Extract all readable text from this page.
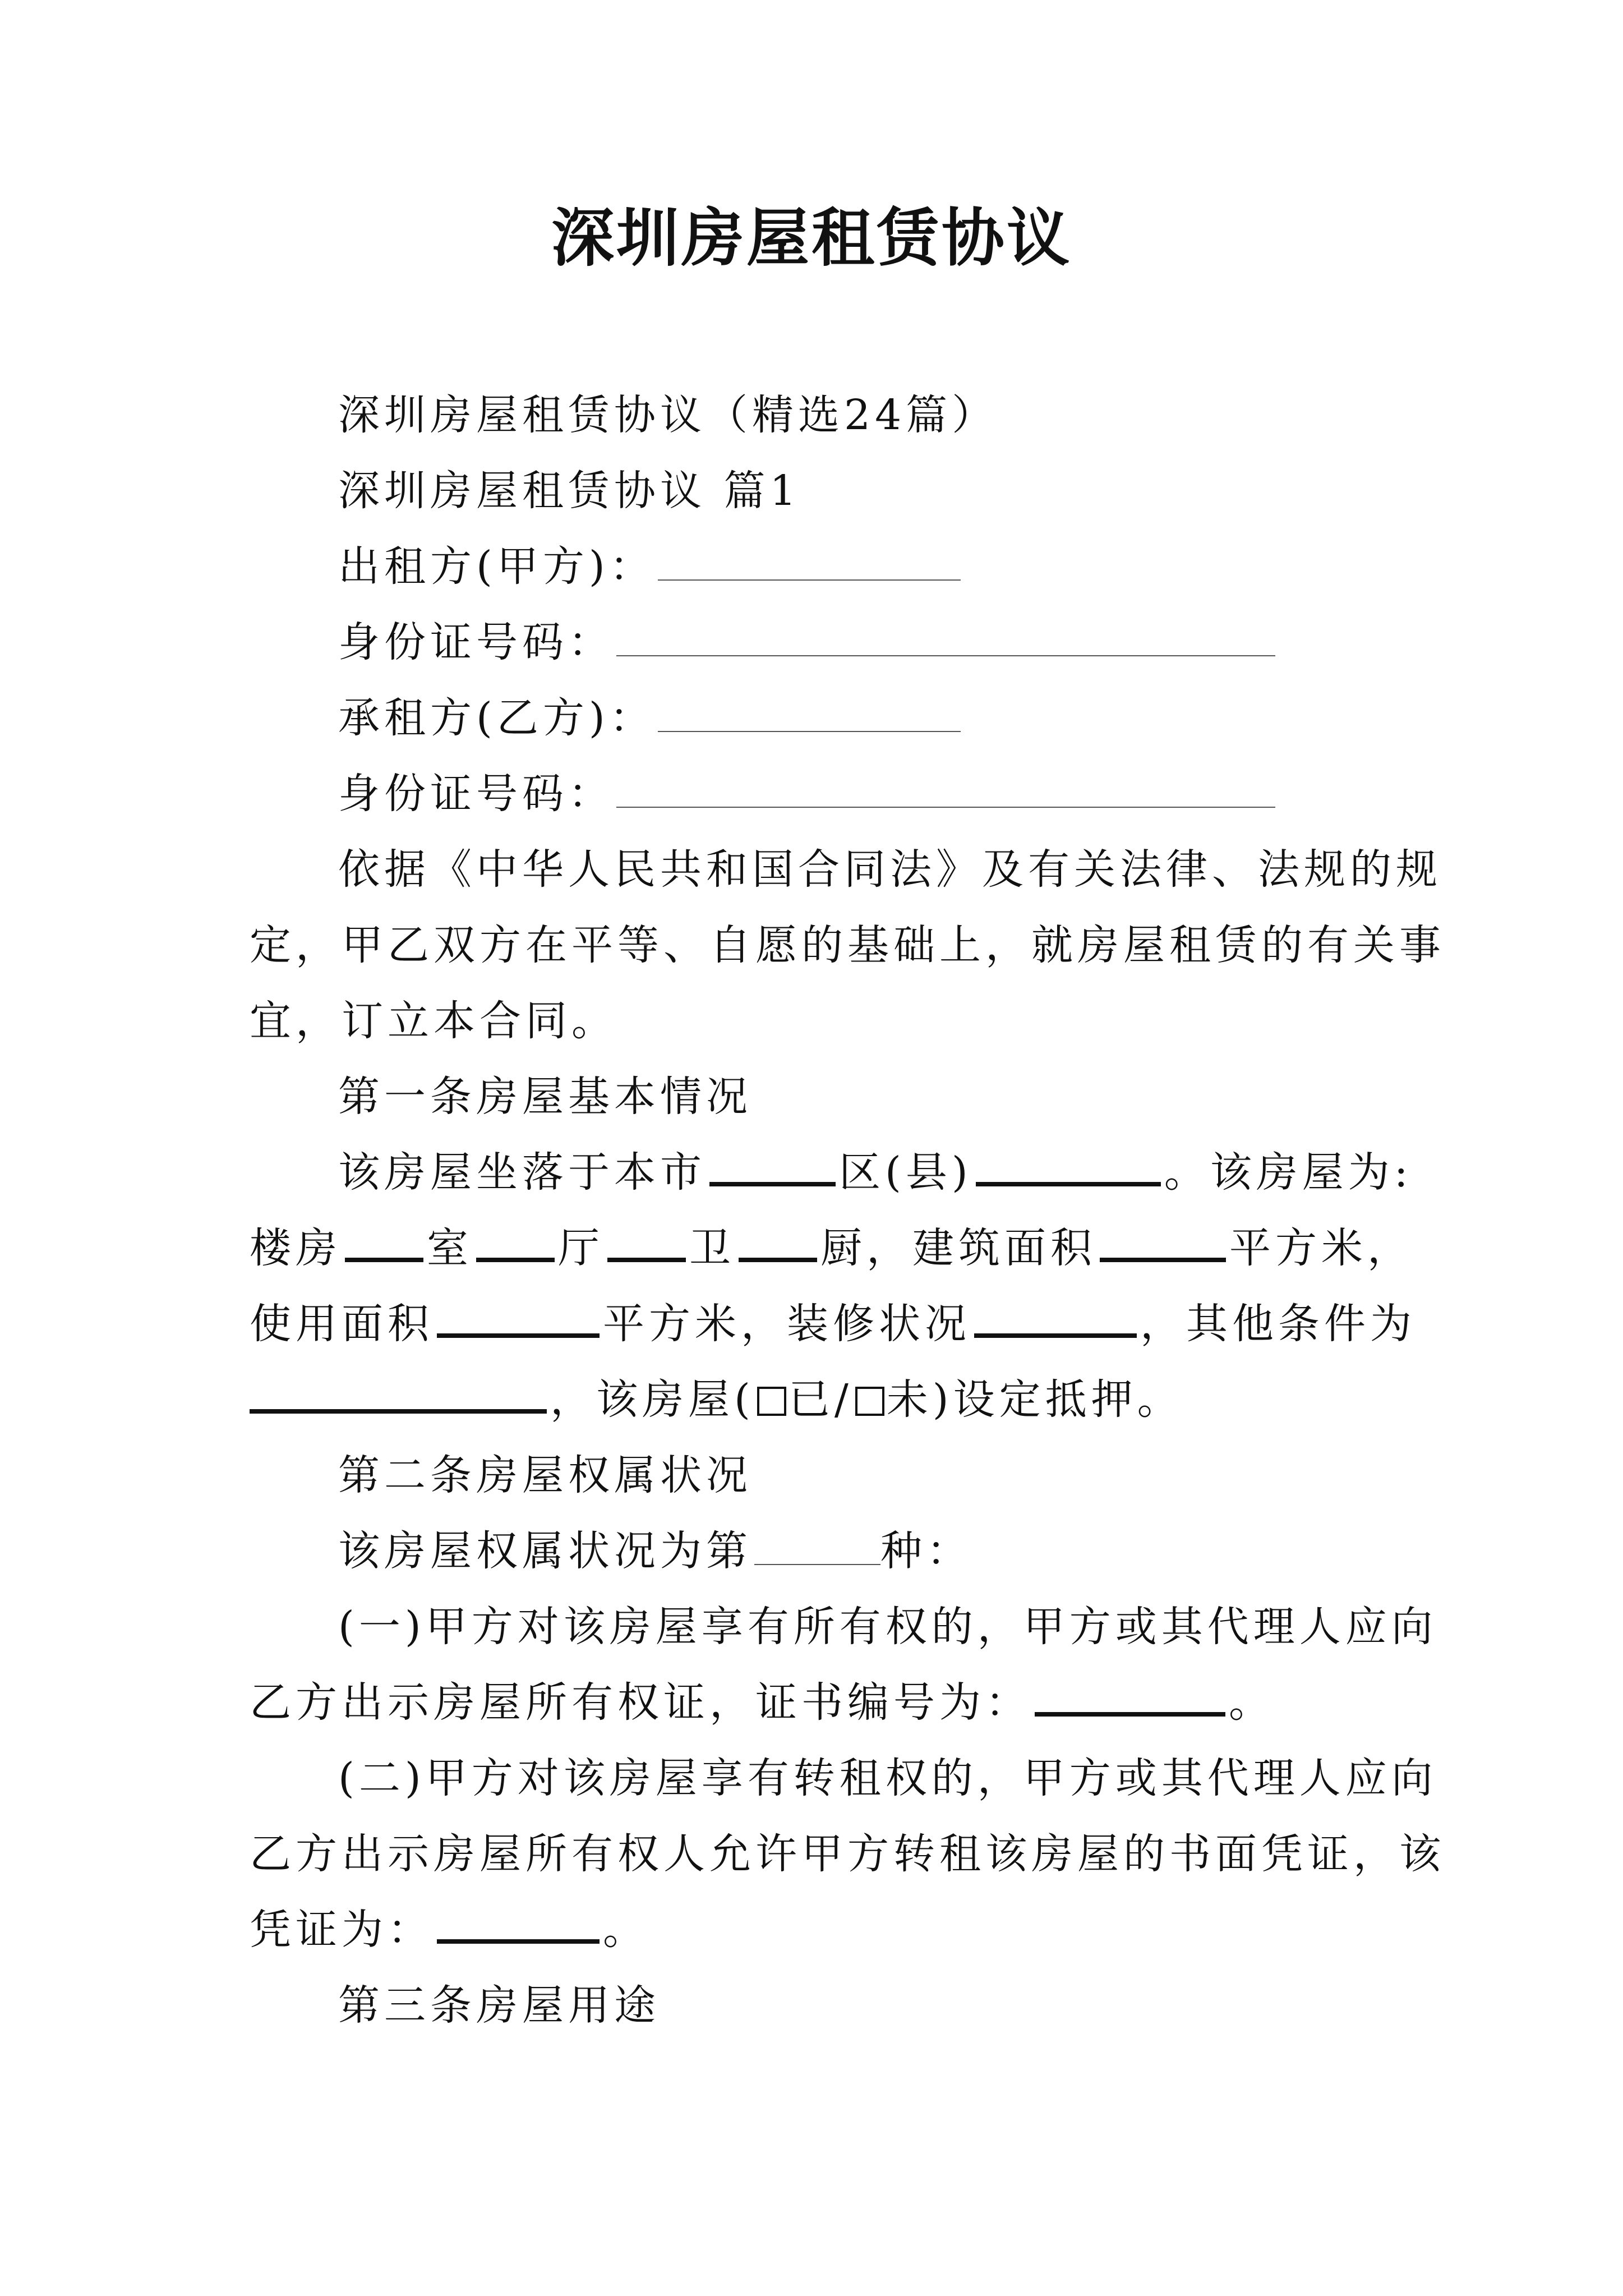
深圳房屋租赁协议
深圳房屋租赁协议（精选24篇）
深圳房屋租赁协议 篇1
出租方(甲方)：
身份证号码：
承租方(乙方)：
身份证号码：
依据《中华人民共和国合同法》及有关法律、法规的规
定，甲乙双方在平等、自愿的基础上，就房屋租赁的有关事
宜，订立本合同。
第一条房屋基本情况
该房屋坐落于本市	区(县)	。该房屋为:
楼房 室 厅 卫 厨，建筑面积	平方米，
使用面积	平方米，装修状况	，其他条件为
，该房屋( 已/ 未)设定抵押。
第二条房屋权属状况
该房屋权属状况为第	种：
(一)甲方对该房屋享有所有权的，甲方或其代理人应向
乙方出示房屋所有权证，证书编号为：	。
(二)甲方对该房屋享有转租权的，甲方或其代理人应向
乙方出示房屋所有权人允许甲方转租该房屋的书面凭证，该
凭证为：	。
第三条房屋用途
